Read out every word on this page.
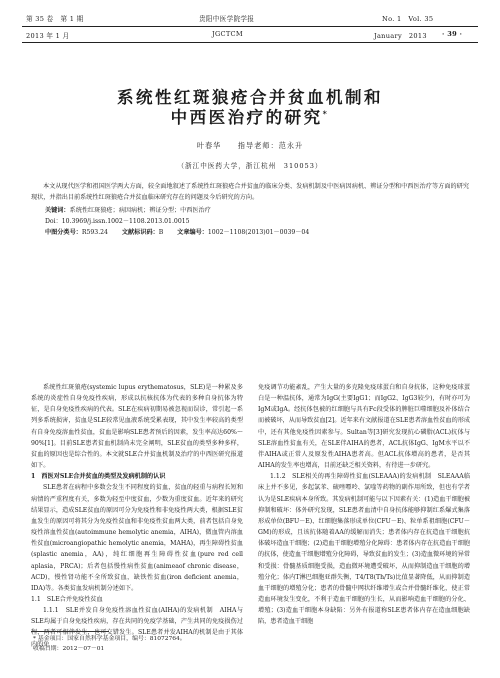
第 35 卷　第 1 期	贵阳中医学院学报	No. 1　Vol. 35
2013 年 1 月	JGCTCM	January　2013 · 39 ·
系统性红斑狼疮合并贫血机制和
中西医治疗的研究*
叶春华　　指导老师：范永升
（浙江中医药大学，浙江杭州　310053）

本文从现代医学和祖国医学两大方面，较全面地叙述了系统性红斑狼疮合并贫血的临床分类、发病机制及中医病因病机、辨证分型和中西医治疗等方面的研究现状，并指出目前系统性红斑狼疮合并贫血临床研究存在的问题及今后研究的方向。

关键词：系统性红斑狼疮；病因病机；辨证分型；中西医治疗

Doi：10.3969/j.issn.1002－1108.2013.01.0015

中图分类号：R593.24 文献标识码：B 文章编号：1002－1108(2013)01－0039－04

系统性红斑狼疮(systemic lupus erythematosus，SLE)是一种累及多系统的炎症性自身免疫性疾病，形成以抗核抗体为代表的多种自身抗体为特征，是自身免疫性疾病的代表。SLE在疾病初期易被忽视而误诊，常引起一系列多系统损害，贫血是SLE较常见血液系统受累表现，其中发生率较高的类型有自身免疫溶血性贫血，贫血是影响SLE患者预后的因素，发生率高达60%～90%[1]。目前SLE患者贫血机制尚未完全阐明，SLE贫血的类型多种多样，贫血的原因也是综合性的。本文就SLE合并贫血机制及治疗的中西医研究报道如下。

1　西医对SLE合并贫血的类型及发病机制的认识

SLE患者在病程中多数会发生不同程度的贫血，贫血的轻重与病程长短和病情的严重程度有关，多数为轻至中度贫血，少数为重度贫血。近年来的研究结果显示，造成SLE贫血的原因可分为免疫性和非免疫性两大类，根据SLE贫血发生的原因可将其分为免疫性贫血和非免疫性贫血两大类，前者包括自身免疫性溶血性贫血(autoimmune hemolytic anemia，AIHA)，微血管内溶血性贫血(microangiopathic hemolytic anemia，MAHA)，再生障碍性贫血(splastic anemia，AA)，纯红细胞再生障碍性贫血(pure red cell aplasia，PRCA)；后者包括慢性病性贫血(animeaof chronic disease，ACD)，慢性肾功能不全所致贫血，缺铁性贫血(iron deficient anemia，IDA)等。各类贫血发病机制分述如下。

1.1　SLE合并免疫性贫血

1.1.1　SLE并发自身免疫性溶血性贫血(AIHA)的发病机制　AIHA与SLE均属于自身免疫性疾病，存在共同的免疫学基础，产生共同的免疫损伤过程，两者可相伴发生，也可交错发生。SLE患者并发AIHA的机制是由于其体内的免

免疫调节功能紊乱，产生大量的多克隆免疫球蛋白和自身抗体，这种免疫球蛋白是一种温抗体，通常为IgG(主要IgG1；而IgG2、IgG3较少)，有时亦可为IgM或IgA。经抗体包被的红细胞与具有Fc段受体的脾脏巨噬细胞及补体结合而被破坏，从而导致贫血[2]。近年来有文献报道在SLE患者溶血性贫血的形成中，还有其他免疫性因素参与。Sultan等[3]研究发现抗心磷脂(ACL)抗体与SLE溶血性贫血有关，在SLE伴AIHA的患者，ACL抗体IgG、IgM水平以不伴AIHA或正常人及原发性AIHA患者高。但ACL抗体增高的患者，是否其AIHA的发生率也增高，目前还缺乏相关资料，有待进一步研究。

1.1.2　SLE相关的再生障碍性贫血(SLEAAA)的发病机制　SLEAAA临床上并不多见，多起氯苯、硫唑嘌呤、氯喹等药物的副作用所致，但也有学者认为是SLE疾病本身所致。其发病机制可能与以下因素有关：(1)造血干细胞被抑制和破坏：体外研究发现，SLE患者血清中自身抗体能够抑制红系爆式集落形成单位(BFU－E)、红细胞集落形成单位(CFU－E)、粒单系祖细胞(CFU－GM)的形成，且该抗体随着AA的缓解而消失；患者体内存在抗造血干细胞抗体破坏造血干细胞；(2)造血干细胞增殖分化障碍：患者体内存在抗造血干细胞的抗体，使造血干细胞增殖分化障碍，导致贫血的发生；(3)造血微环境的异常和受损：骨髓基质细胞受损，造血微环境遭受破坏，从而抑制造血干细胞的增殖分化；体内T淋巴细胞亚群失衡，T4/T8(Th/Ts)比值显著降低，从而抑制造血干细胞的增殖分化；患者的骨髓中网状纤维增生或合并骨髓纤维化，使正常造血环境发生变化，不利于造血干细胞的生长，从而影响造血干细胞的分化、增殖；(3)造血干细胞本身缺陷：另外有报道称SLE患者体内存在造血细胞缺陷，患者造血干细胞

* 基金项目：国家自然科学基金项目，编号：81072764。
收稿日期：2012－07－01
